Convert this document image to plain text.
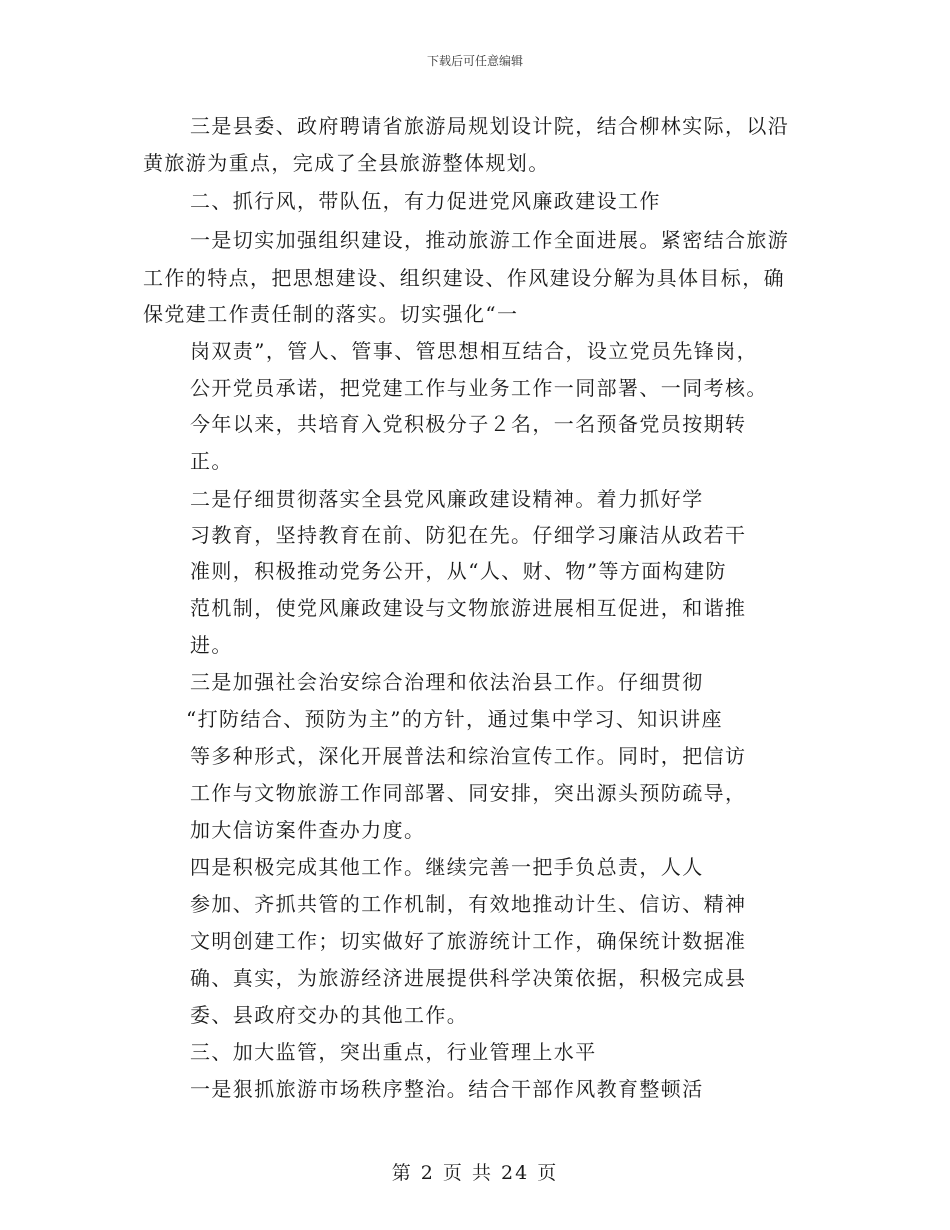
下载后可任意编辑
三是县委、政府聘请省旅游局规划设计院，结合柳林实际，以沿
黄旅游为重点，完成了全县旅游整体规划。
二、抓行风，带队伍，有力促进党风廉政建设工作
一是切实加强组织建设，推动旅游工作全面进展。紧密结合旅游
工作的特点，把思想建设、组织建设、作风建设分解为具体目标，确
保党建工作责任制的落实。切实强化“一
岗双责”，管人、管事、管思想相互结合，设立党员先锋岗，
公开党员承诺，把党建工作与业务工作一同部署、一同考核。
今年以来，共培育入党积极分子２名，一名预备党员按期转
正。
二是仔细贯彻落实全县党风廉政建设精神。着力抓好学
习教育，坚持教育在前、防犯在先。仔细学习廉洁从政若干
准则，积极推动党务公开，从“人、财、物”等方面构建防
范机制，使党风廉政建设与文物旅游进展相互促进，和谐推
进。
三是加强社会治安综合治理和依法治县工作。仔细贯彻
“打防结合、预防为主”的方针，通过集中学习、知识讲座
等多种形式，深化开展普法和综治宣传工作。同时，把信访
工作与文物旅游工作同部署、同安排，突出源头预防疏导，
加大信访案件查办力度。
四是积极完成其他工作。继续完善一把手负总责，人人
参加、齐抓共管的工作机制，有效地推动计生、信访、精神
文明创建工作；切实做好了旅游统计工作，确保统计数据准
确、真实，为旅游经济进展提供科学决策依据，积极完成县
委、县政府交办的其他工作。
三、加大监管，突出重点，行业管理上水平
一是狠抓旅游市场秩序整治。结合干部作风教育整顿活
第 2 页 共 24 页
